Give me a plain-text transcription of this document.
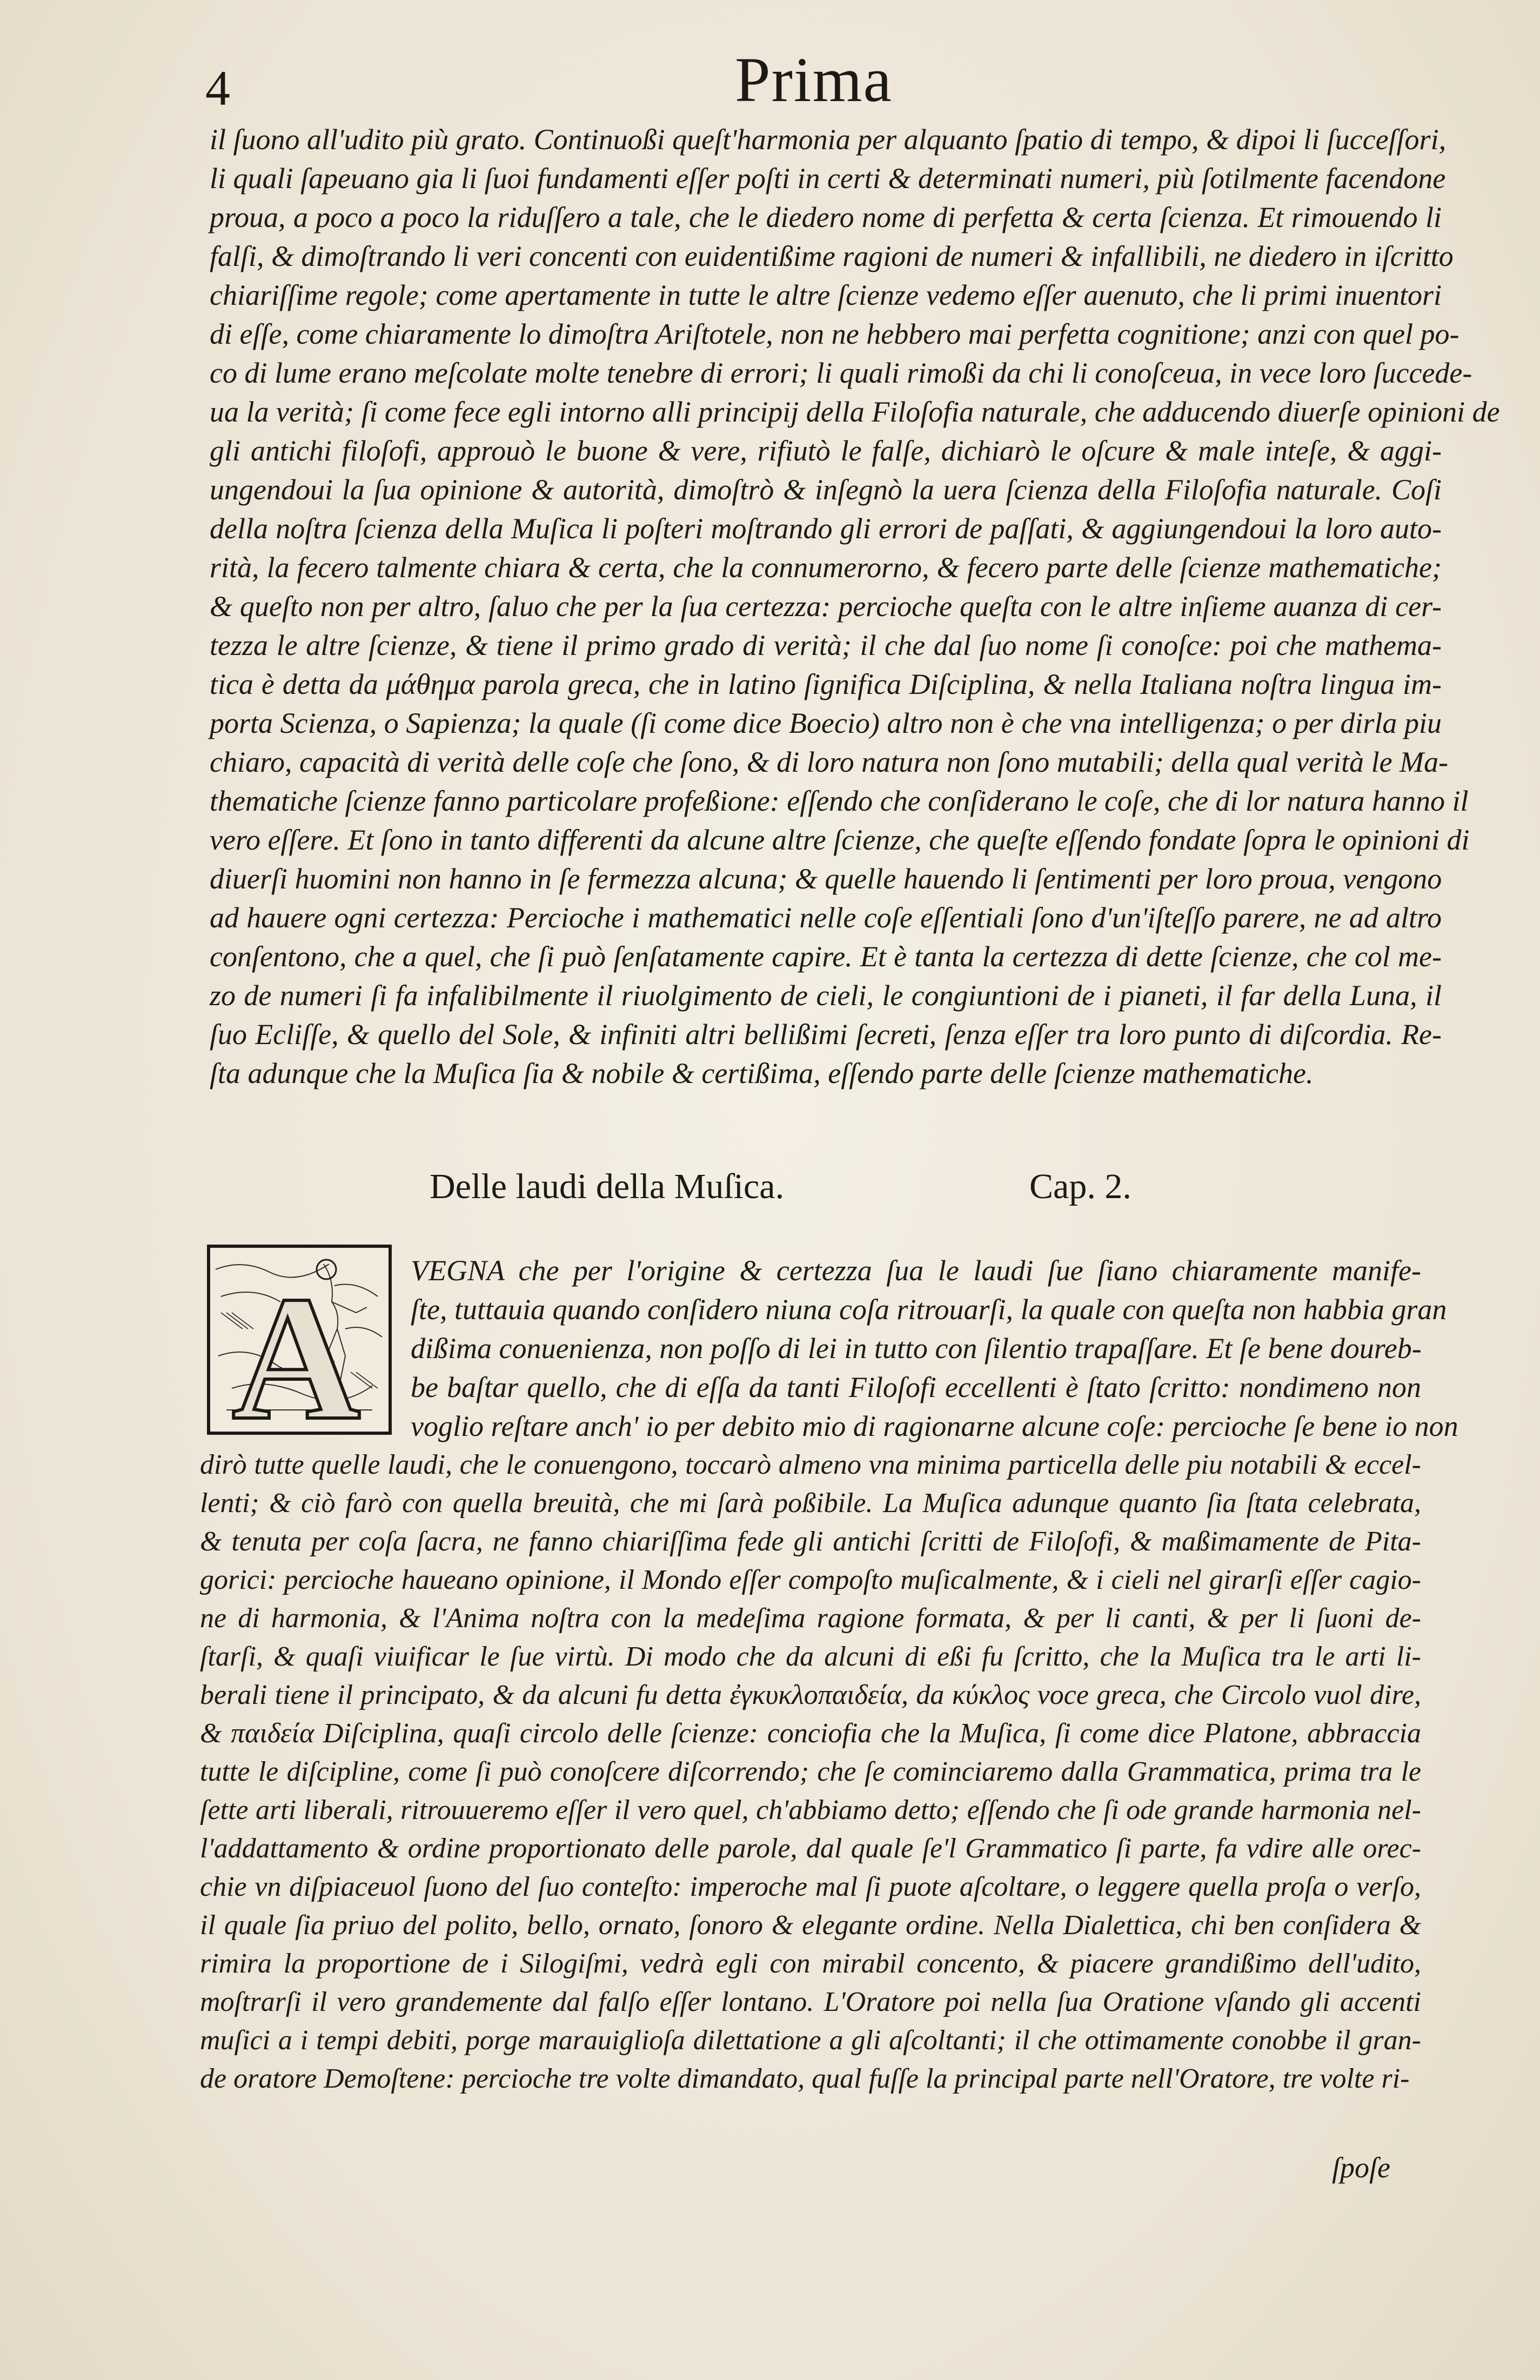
4	Prima
il ſuono all'udito più grato. Continuoßi queſt'harmonia per alquanto ſpatio di tempo, & dipoi li ſucceſſori,
li quali ſapeuano gia li ſuoi fundamenti eſſer poſti in certi & determinati numeri, più ſotilmente facendone
proua, a poco a poco la riduſſero a tale, che le diedero nome di perfetta & certa ſcienza. Et rimouendo li
falſi, & dimoſtrando li veri concenti con euidentißime ragioni de numeri & infallibili, ne diedero in iſcritto
chiariſſime regole; come apertamente in tutte le altre ſcienze vedemo eſſer auenuto, che li primi inuentori
di eſſe, come chiaramente lo dimoſtra Ariſtotele, non ne hebbero mai perfetta cognitione; anzi con quel po-
co di lume erano meſcolate molte tenebre di errori; li quali rimoßi da chi li conoſceua, in vece loro ſuccede-
ua la verità; ſi come fece egli intorno alli principij della Filoſofia naturale, che adducendo diuerſe opinioni de
gli antichi filoſofi, approuò le buone & vere, rifiutò le falſe, dichiarò le oſcure & male inteſe, & aggi-
ungendoui la ſua opinione & autorità, dimoſtrò & inſegnò la uera ſcienza della Filoſofia naturale. Coſi
della noſtra ſcienza della Muſica li poſteri moſtrando gli errori de paſſati, & aggiungendoui la loro auto-
rità, la fecero talmente chiara & certa, che la connumerorno, & fecero parte delle ſcienze mathematiche;
& queſto non per altro, ſaluo che per la ſua certezza: percioche queſta con le altre inſieme auanza di cer-
tezza le altre ſcienze, & tiene il primo grado di verità; il che dal ſuo nome ſi conoſce: poi che mathema-
tica è detta da μάθημα parola greca, che in latino ſignifica Diſciplina, & nella Italiana noſtra lingua im-
porta Scienza, o Sapienza; la quale (ſi come dice Boecio) altro non è che vna intelligenza; o per dirla piu
chiaro, capacità di verità delle coſe che ſono, & di loro natura non ſono mutabili; della qual verità le Ma-
thematiche ſcienze fanno particolare profeßione: eſſendo che conſiderano le coſe, che di lor natura hanno il
vero eſſere. Et ſono in tanto differenti da alcune altre ſcienze, che queſte eſſendo fondate ſopra le opinioni di
diuerſi huomini non hanno in ſe fermezza alcuna; & quelle hauendo li ſentimenti per loro proua, vengono
ad hauere ogni certezza: Percioche i mathematici nelle coſe eſſentiali ſono d'un'iſteſſo parere, ne ad altro
conſentono, che a quel, che ſi può ſenſatamente capire. Et è tanta la certezza di dette ſcienze, che col me-
zo de numeri ſi fa infalibilmente il riuolgimento de cieli, le congiuntioni de i pianeti, il far della Luna, il
ſuo Ecliſſe, & quello del Sole, & infiniti altri bellißimi ſecreti, ſenza eſſer tra loro punto di diſcordia. Re-
ſta adunque che la Muſica ſia & nobile & certißima, eſſendo parte delle ſcienze mathematiche.
Delle laudi della Muſica.	Cap. 2.
A VEGNA che per l'origine & certezza ſua le laudi ſue ſiano chiaramente manife-
ſte, tuttauia quando conſidero niuna coſa ritrouarſi, la quale con queſta non habbia gran
dißima conuenienza, non poſſo di lei in tutto con ſilentio trapaſſare. Et ſe bene doureb-
be baſtar quello, che di eſſa da tanti Filoſofi eccellenti è ſtato ſcritto: nondimeno non
voglio reſtare anch' io per debito mio di ragionarne alcune coſe: percioche ſe bene io non
dirò tutte quelle laudi, che le conuengono, toccarò almeno vna minima particella delle piu notabili & eccel-
lenti; & ciò farò con quella breuità, che mi ſarà poßibile. La Muſica adunque quanto ſia ſtata celebrata,
& tenuta per coſa ſacra, ne fanno chiariſſima fede gli antichi ſcritti de Filoſofi, & maßimamente de Pita-
gorici: percioche haueano opinione, il Mondo eſſer compoſto muſicalmente, & i cieli nel girarſi eſſer cagio-
ne di harmonia, & l'Anima noſtra con la medeſima ragione formata, & per li canti, & per li ſuoni de-
ſtarſi, & quaſi viuificar le ſue virtù. Di modo che da alcuni di eßi fu ſcritto, che la Muſica tra le arti li-
berali tiene il principato, & da alcuni fu detta ἐγκυκλοπαιδεία, da κύκλος voce greca, che Circolo vuol dire,
& παιδεία Diſciplina, quaſi circolo delle ſcienze: conciofia che la Muſica, ſi come dice Platone, abbraccia
tutte le diſcipline, come ſi può conoſcere diſcorrendo; che ſe cominciaremo dalla Grammatica, prima tra le
ſette arti liberali, ritrouueremo eſſer il vero quel, ch'abbiamo detto; eſſendo che ſi ode grande harmonia nel-
l'addattamento & ordine proportionato delle parole, dal quale ſe'l Grammatico ſi parte, fa vdire alle orec-
chie vn diſpiaceuol ſuono del ſuo conteſto: imperoche mal ſi puote aſcoltare, o leggere quella proſa o verſo,
il quale ſia priuo del polito, bello, ornato, ſonoro & elegante ordine. Nella Dialettica, chi ben conſidera &
rimira la proportione de i Silogiſmi, vedrà egli con mirabil concento, & piacere grandißimo dell'udito,
moſtrarſi il vero grandemente dal falſo eſſer lontano. L'Oratore poi nella ſua Oratione vſando gli accenti
muſici a i tempi debiti, porge marauiglioſa dilettatione a gli aſcoltanti; il che ottimamente conobbe il gran-
de oratore Demoſtene: percioche tre volte dimandato, qual fuſſe la principal parte nell'Oratore, tre volte ri-
ſpoſe
